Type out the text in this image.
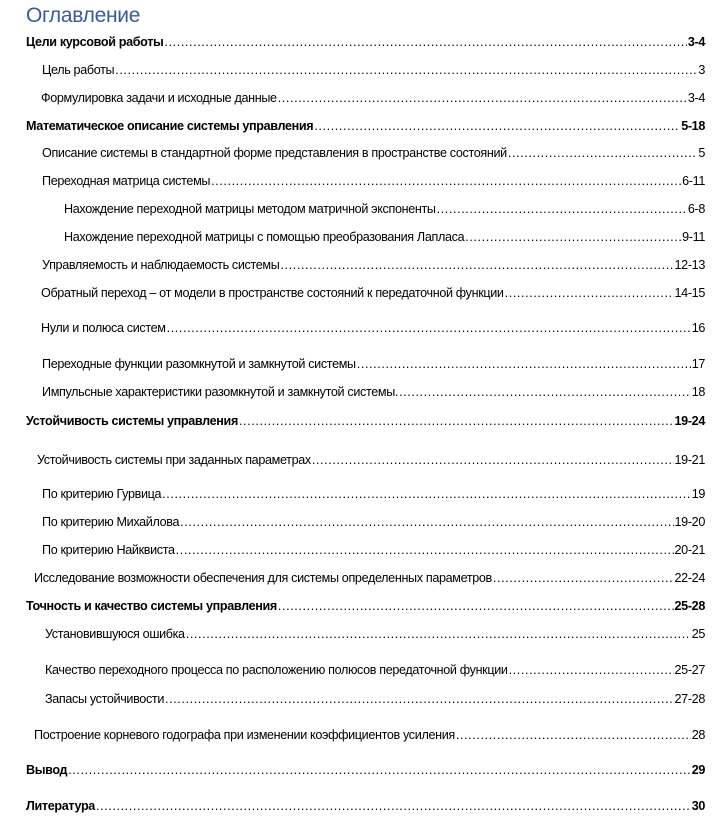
Оглавление
Цели курсовой работы .....	3-4
Цель работы .....	3
Формулировка задачи и исходные данные .....	3-4
Математическое описание системы управления .....	5-18
Описание системы в стандартной форме представления в пространстве состояний .....	5
Переходная матрица системы .....	6-11
Нахождение переходной матрицы методом матричной экспоненты .....	6-8
Нахождение переходной матрицы с помощью преобразования Лапласа .....	9-11
Управляемость и наблюдаемость системы .....	12-13
Обратный переход – от модели в пространстве состояний к передаточной функции .....	14-15
Нули и полюса систем .....	16
Переходные функции разомкнутой и замкнутой системы .....	17
Импульсные характеристики разомкнутой и замкнутой системы. .....	18
Устойчивость системы управления .....	19-24
Устойчивость системы при заданных параметрах .....	19-21
По критерию Гурвица .....	19
По критерию Михайлова .....	19-20
По критерию Найквиста .....	20-21
Исследование возможности обеспечения для системы определенных параметров .....	22-24
Точность и качество системы управления .....	25-28
Установившуюся ошибка .....	25
Качество переходного процесса по расположению полюсов передаточной функции .....	25-27
Запасы устойчивости .....	27-28
Построение корневого годографа при изменении коэффициентов усиления .....	28
Вывод .....	29
Литература .....	30
